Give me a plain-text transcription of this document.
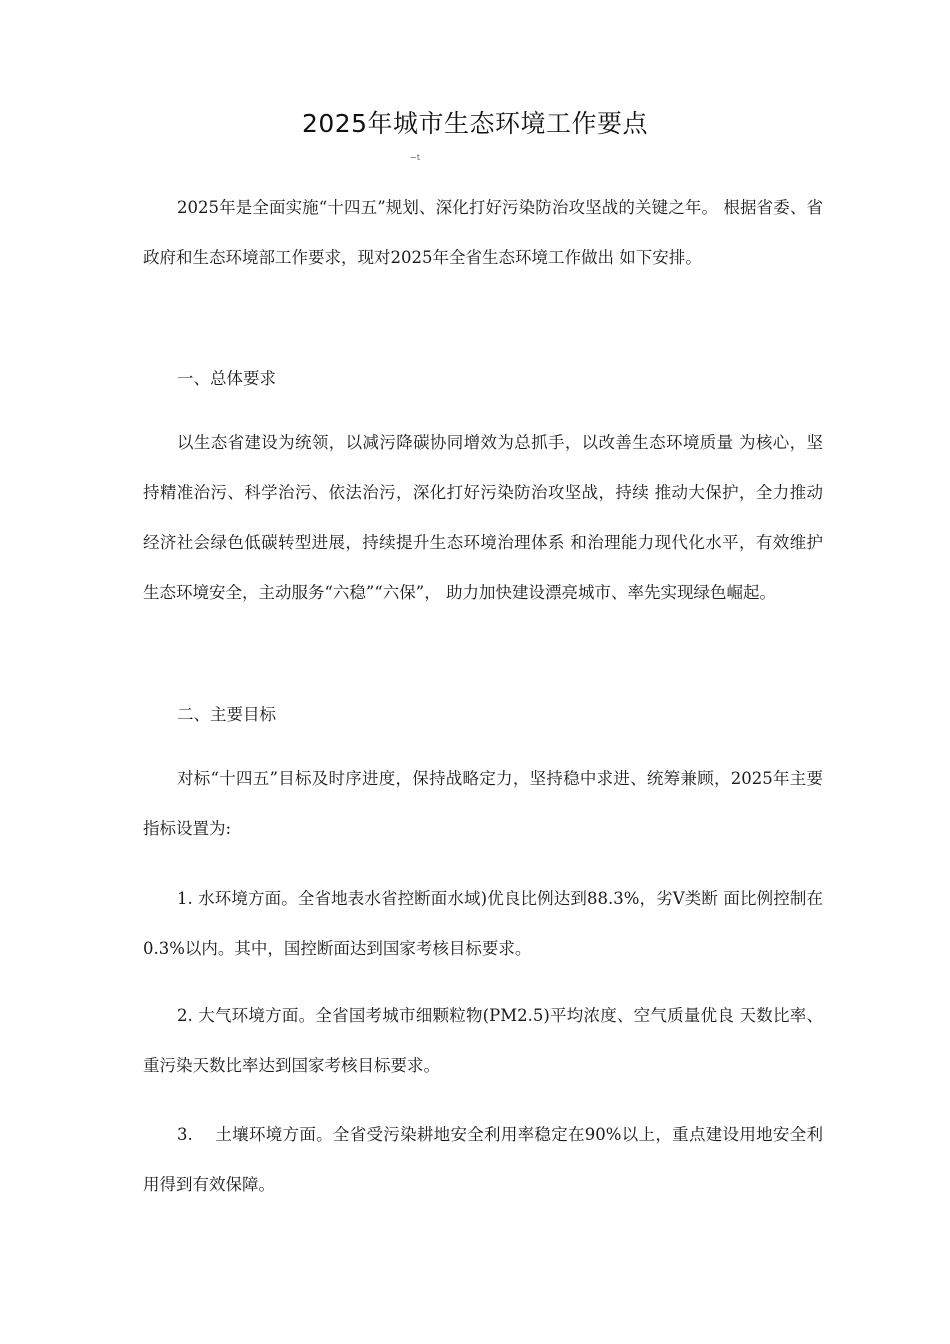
2025年城市生态环境工作要点
~t
2025年是全面实施“十四五”规划、深化打好污染防治攻坚战的关键之年。 根据省委、省政府和生态环境部工作要求，现对2025年全省生态环境工作做出 如下安排。
一、总体要求
以生态省建设为统领，以减污降碳协同增效为总抓手，以改善生态环境质量 为核心，坚持精准治污、科学治污、依法治污，深化打好污染防治攻坚战，持续 推动大保护，全力推动经济社会绿色低碳转型进展，持续提升生态环境治理体系 和治理能力现代化水平，有效维护生态环境安全，主动服务“六稳”“六保”， 助力加快建设漂亮城市、率先实现绿色崛起。
二、主要目标
对标“十四五”目标及时序进度，保持战略定力，坚持稳中求进、统筹兼顾，2025年主要指标设置为:
1. 水环境方面。全省地表水省控断面水域)优良比例达到88.3%，劣V类断 面比例控制在0.3%以内。其中，国控断面达到国家考核目标要求。
2. 大气环境方面。全省国考城市细颗粒物(PM2.5)平均浓度、空气质量优良 天数比率、重污染天数比率达到国家考核目标要求。
3.　 土壤环境方面。全省受污染耕地安全利用率稳定在90%以上，重点建设用地安全利用得到有效保障。
